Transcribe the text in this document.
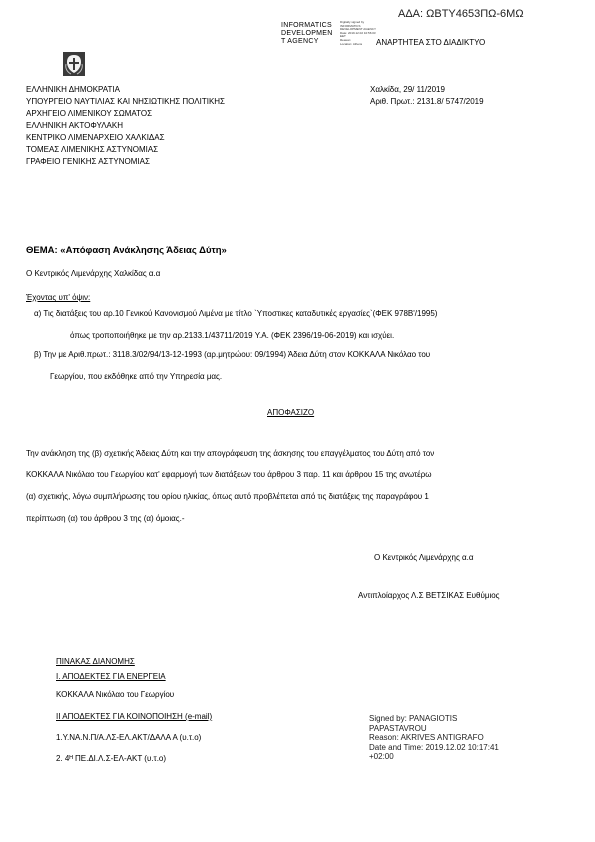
ΑΔΑ: ΩΒΤΥ4653ΠΩ-6ΜΩ
INFORMATICS
DEVELOPMEN
T AGENCY
Digitally signed by
INFORMATICS
DEVELOPMENT AGENCY
Date: 2019.12.02 10:56:03
EET
Reason:
Location: Athens	ΑΝΑΡΤΗΤΕΑ ΣΤΟ ΔΙΑΔΙΚΤΥΟ
ΕΛΛΗΝΙΚΗ ΔΗΜΟΚΡΑΤΙΑ
ΥΠΟΥΡΓΕΙΟ ΝΑΥΤΙΛΙΑΣ ΚΑΙ ΝΗΣΙΩΤΙΚΗΣ ΠΟΛΙΤΙΚΗΣ
ΑΡΧΗΓΕΙΟ ΛΙΜΕΝΙΚΟΥ ΣΩΜΑΤΟΣ
ΕΛΛΗΝΙΚΗ ΑΚΤΟΦΥΛΑΚΗ
ΚΕΝΤΡΙΚΟ ΛΙΜΕΝΑΡΧΕΙΟ ΧΑΛΚΙΔΑΣ
ΤΟΜΕΑΣ ΛΙΜΕΝΙΚΗΣ ΑΣΤΥΝΟΜΙΑΣ
ΓΡΑΦΕΙΟ ΓΕΝΙΚΗΣ ΑΣΤΥΝΟΜΙΑΣ
Χαλκίδα, 29/ 11/2019
Αριθ. Πρωτ.: 2131.8/ 5747/2019
ΘΕΜΑ: «Απόφαση Ανάκλησης Άδειας Δύτη»
Ο Κεντρικός Λιμενάρχης Χαλκίδας α.α
Έχοντας υπ' όψιν:
α) Τις διατάξεις του αρ.10 Γενικού Κανονισμού Λιμένα με τίτλο `Υποστικες καταδυτικές εργασίες`(ΦΕΚ 978Β'/1995)
όπως τροποποιήθηκε με την αρ.2133.1/43711/2019 Υ.Α. (ΦΕΚ 2396/19-06-2019) και ισχύει.
β) Την με Αριθ.πρωτ.: 3118.3/02/94/13-12-1993 (αρ.μητρώου: 09/1994) Άδεια Δύτη στον ΚΟΚΚΑΛΑ Νικόλαο του
Γεωργίου, που εκδόθηκε από την Υπηρεσία μας.
ΑΠΟΦΑΣΙΖΟ
Την ανάκληση της (β) σχετικής Άδειας Δύτη και την απογράφευση της άσκησης του επαγγέλματος του Δύτη από τον
ΚΟΚΚΑΛΑ Νικόλαο του Γεωργίου κατ' εφαρμογή των διατάξεων του άρθρου 3 παρ. 11 και άρθρου 15 της ανωτέρω
(α) σχετικής, λόγω συμπλήρωσης του ορίου ηλικίας, όπως αυτό προβλέπεται από τις διατάξεις της παραγράφου 1
περίπτωση (α) του άρθρου 3 της (α) όμοιας.-
Ο Κεντρικός Λιμενάρχης α.α
Αντιπλοίαρχος Λ.Σ ΒΕΤΣΙΚΑΣ Ευθύμιος
ΠΙΝΑΚΑΣ ΔΙΑΝΟΜΗΣ
Ι. ΑΠΟΔΕΚΤΕΣ ΓΙΑ ΕΝΕΡΓΕΙΑ
ΚΟΚΚΑΛΑ Νικόλαο του Γεωργίου
ΙΙ ΑΠΟΔΕΚΤΕΣ ΓΙΑ ΚΟΙΝΟΠΟΙΗΣΗ (e-mail)
1.Υ.ΝΑ.Ν.Π/Α.ΛΣ-ΕΛ.ΑΚΤ/ΔΑΛΑ Α (υ.τ.ο)
2. 4ᴴ ΠΕ.ΔΙ.Λ.Σ-ΕΛ-ΑΚΤ (υ.τ.ο)
Signed by: PANAGIOTIS
PAPASTAVROU
Reason: AKRIVES ANTIGRAFO
Date and Time: 2019.12.02 10:17:41
+02:00
